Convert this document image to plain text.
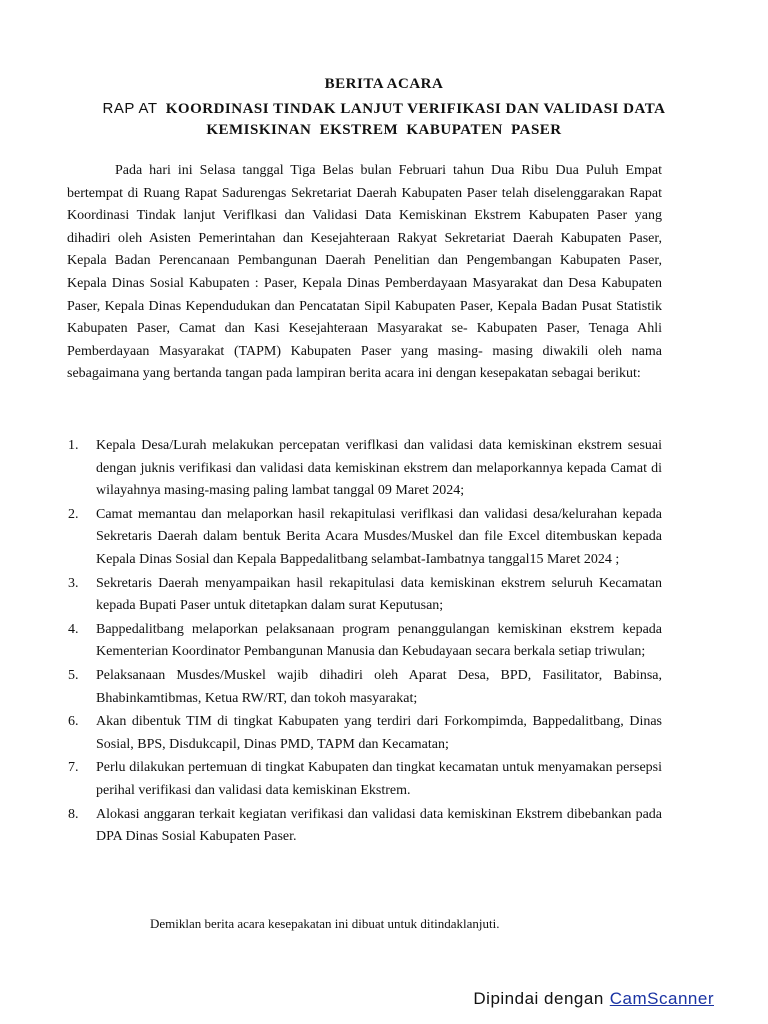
BERITA ACARA
RAP AT KOORDINASI TINDAK LANJUT VERIFIKASI DAN VALIDASI DATA
KEMISKINAN EKSTREM KABUPATEN PASER
Pada hari ini Selasa tanggal Tiga Belas bulan Februari tahun Dua Ribu Dua Puluh Empat bertempat di Ruang Rapat Sadurengas Sekretariat Daerah Kabupaten Paser telah diselenggarakan Rapat Koordinasi Tindak lanjut Veriflkasi dan Validasi Data Kemiskinan Ekstrem Kabupaten Paser yang dihadiri oleh Asisten Pemerintahan dan Kesejahteraan Rakyat Sekretariat Daerah Kabupaten Paser, Kepala Badan Perencanaan Pembangunan Daerah Penelitian dan Pengembangan Kabupaten Paser, Kepala Dinas Sosial Kabupaten : Paser, Kepala Dinas Pemberdayaan Masyarakat dan Desa Kabupaten Paser, Kepala Dinas Kependudukan dan Pencatatan Sipil Kabupaten Paser, Kepala Badan Pusat Statistik Kabupaten Paser, Camat dan Kasi Kesejahteraan Masyarakat se- Kabupaten Paser, Tenaga Ahli Pemberdayaan Masyarakat (TAPM) Kabupaten Paser yang masing- masing diwakili oleh nama sebagaimana yang bertanda tangan pada lampiran berita acara ini dengan kesepakatan sebagai berikut:
1. Kepala Desa/Lurah melakukan percepatan veriflkasi dan validasi data kemiskinan ekstrem sesuai dengan juknis verifikasi dan validasi data kemiskinan ekstrem dan melaporkannya kepada Camat di wilayahnya masing-masing paling lambat tanggal 09 Maret 2024;
2. Camat memantau dan melaporkan hasil rekapitulasi veriflkasi dan validasi desa/kelurahan kepada Sekretaris Daerah dalam bentuk Berita Acara Musdes/Muskel dan file Excel ditembuskan kepada Kepala Dinas Sosial dan Kepala Bappedalitbang selambat-Iambatnya tanggal15 Maret 2024 ;
3. Sekretaris Daerah menyampaikan hasil rekapitulasi data kemiskinan ekstrem seluruh Kecamatan kepada Bupati Paser untuk ditetapkan dalam surat Keputusan;
4. Bappedalitbang melaporkan pelaksanaan program penanggulangan kemiskinan ekstrem kepada Kementerian Koordinator Pembangunan Manusia dan Kebudayaan secara berkala setiap triwulan;
5. Pelaksanaan Musdes/Muskel wajib dihadiri oleh Aparat Desa, BPD, Fasilitator, Babinsa, Bhabinkamtibmas, Ketua RW/RT, dan tokoh masyarakat;
6. Akan dibentuk TIM di tingkat Kabupaten yang terdiri dari Forkompimda, Bappedalitbang, Dinas Sosial, BPS, Disdukcapil, Dinas PMD, TAPM dan Kecamatan;
7. Perlu dilakukan pertemuan di tingkat Kabupaten dan tingkat kecamatan untuk menyamakan persepsi perihal verifikasi dan validasi data kemiskinan Ekstrem.
8. Alokasi anggaran terkait kegiatan verifikasi dan validasi data kemiskinan Ekstrem dibebankan pada DPA Dinas Sosial Kabupaten Paser.
Demiklan berita acara kesepakatan ini dibuat untuk ditindaklanjuti.
Dipindai dengan CamScanner
